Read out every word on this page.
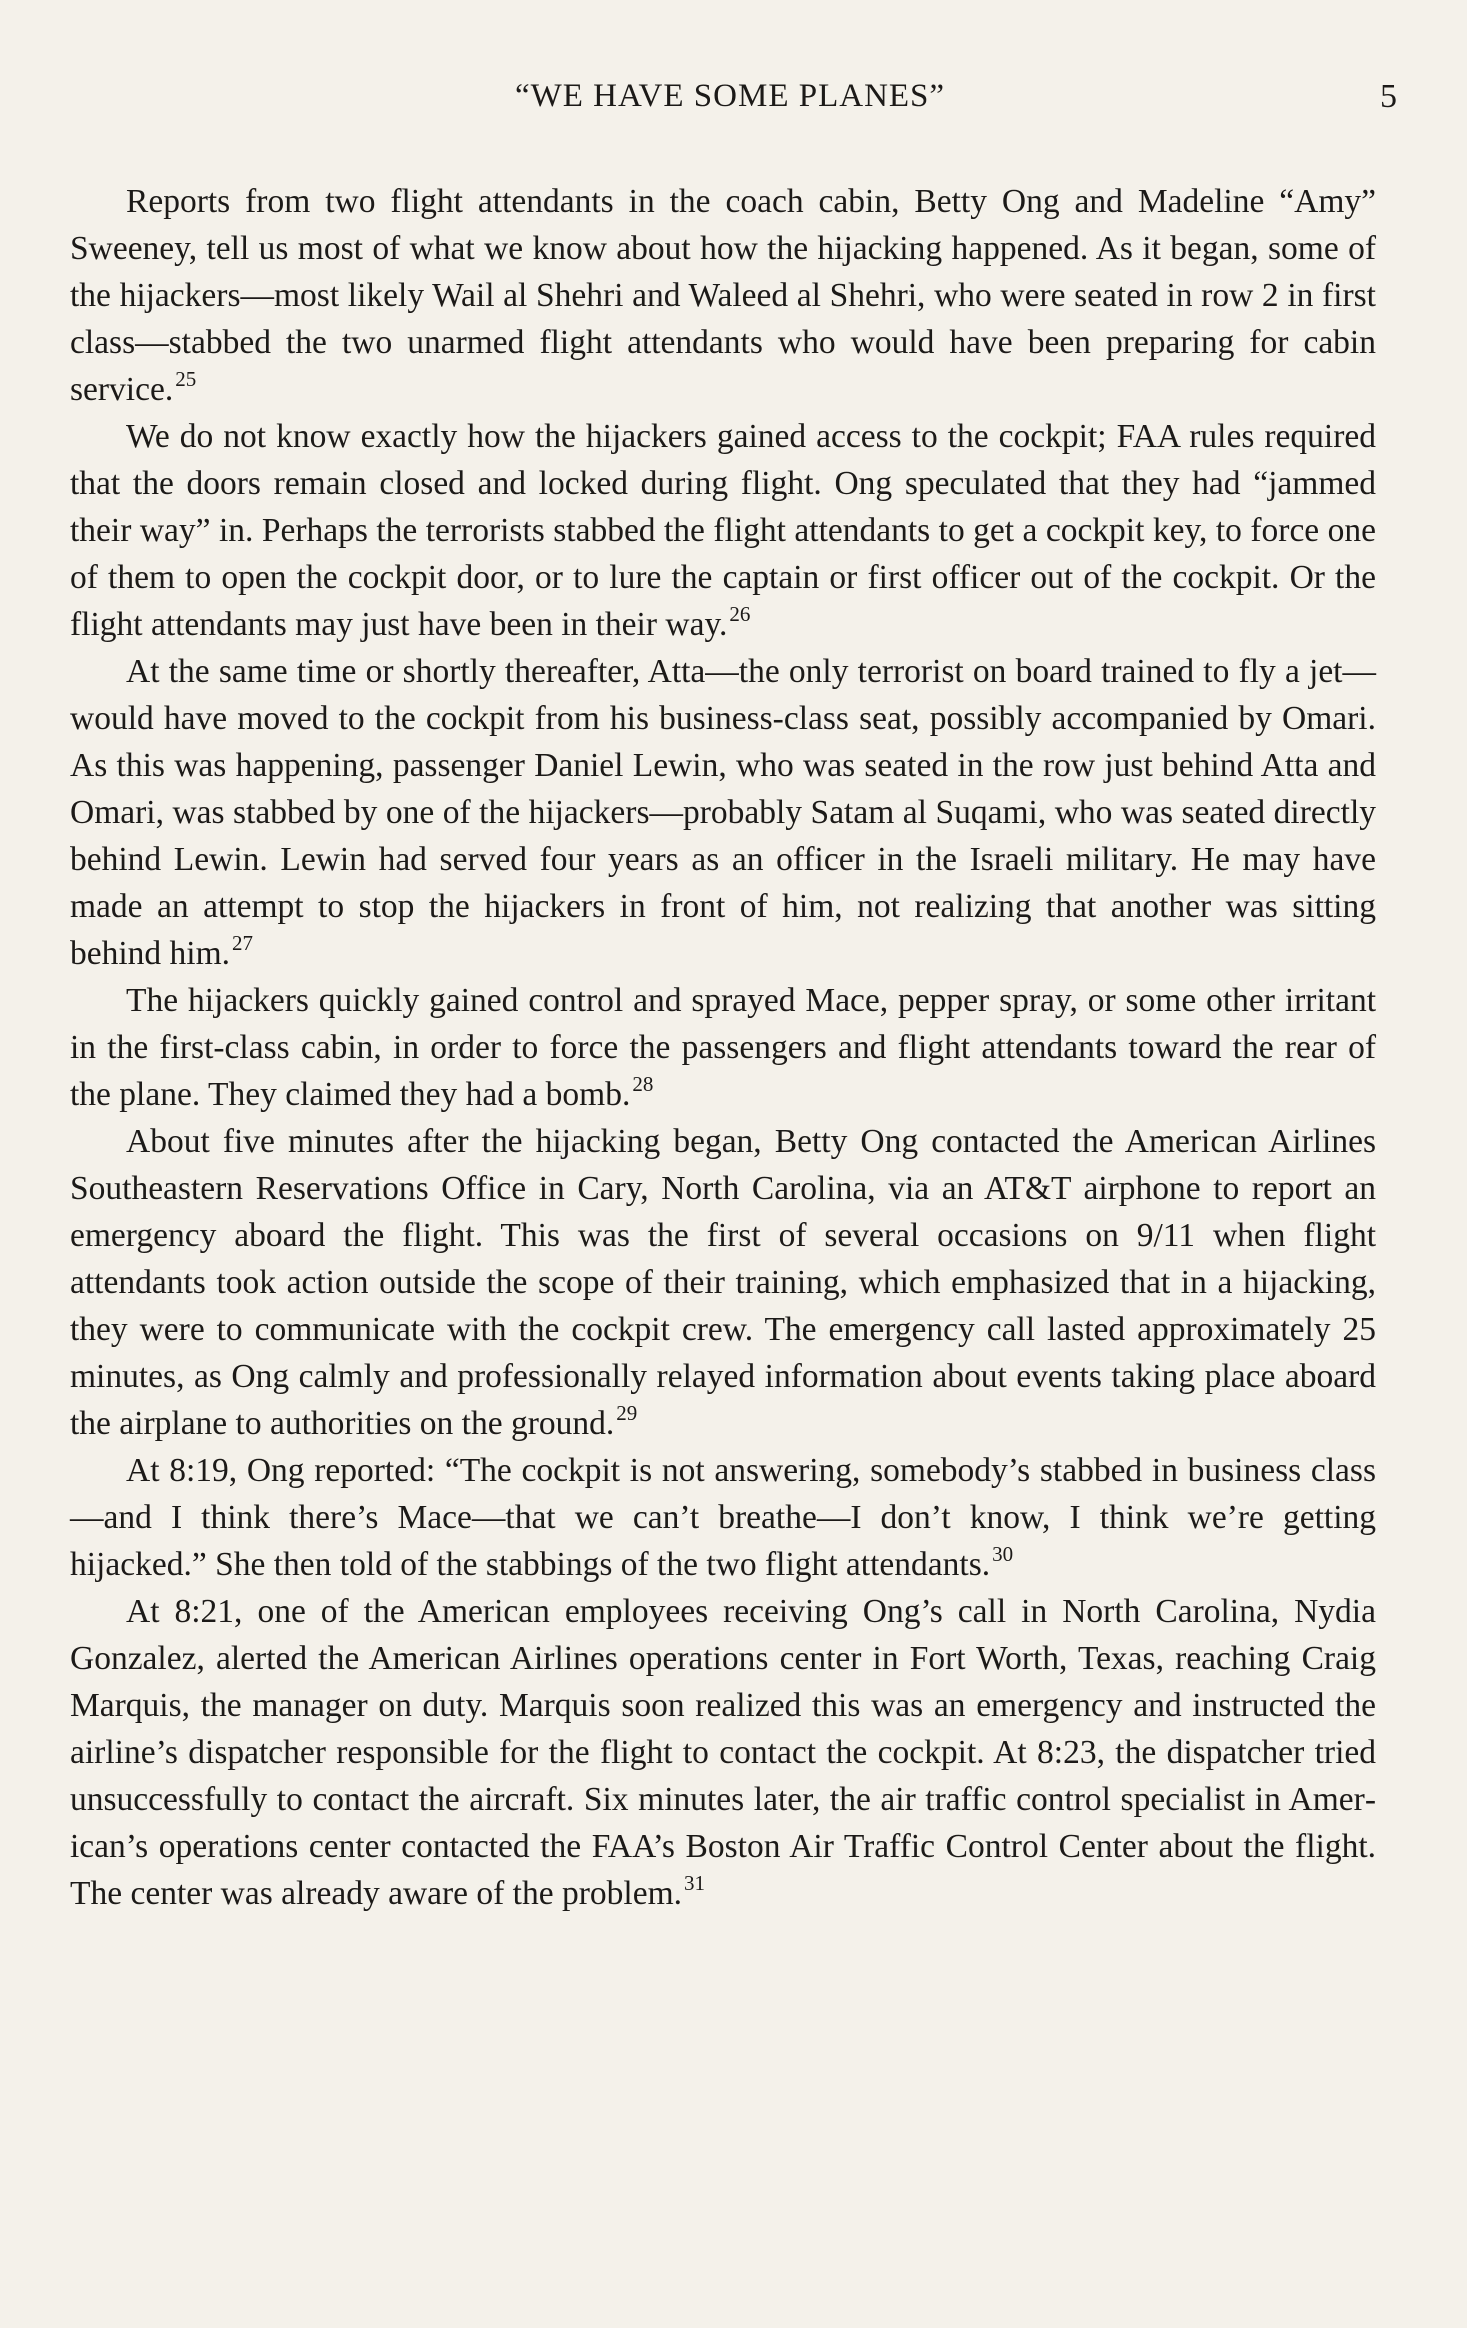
“WE HAVE SOME PLANES”	5

Reports from two flight attendants in the coach cabin, Betty Ong and Madeline “Amy” Sweeney, tell us most of what we know about how the hijacking happened. As it began, some of the hijackers—most likely Wail al Shehri and Waleed al Shehri, who were seated in row 2 in first class—stabbed the two unarmed flight attendants who would have been preparing for cabin service.$^{25}$

We do not know exactly how the hijackers gained access to the cockpit; FAA rules required that the doors remain closed and locked during flight. Ong speculated that they had “jammed their way” in. Perhaps the terrorists stabbed the flight attendants to get a cockpit key, to force one of them to open the cockpit door, or to lure the captain or first officer out of the cockpit. Or the flight attendants may just have been in their way.$^{26}$

At the same time or shortly thereafter, Atta—the only terrorist on board trained to fly a jet—would have moved to the cockpit from his business-class seat, possibly accompanied by Omari. As this was happening, passenger Daniel Lewin, who was seated in the row just behind Atta and Omari, was stabbed by one of the hijackers—probably Satam al Suqami, who was seated directly behind Lewin. Lewin had served four years as an officer in the Israeli military. He may have made an attempt to stop the hijackers in front of him, not realizing that another was sitting behind him.$^{27}$

The hijackers quickly gained control and sprayed Mace, pepper spray, or some other irritant in the first-class cabin, in order to force the passengers and flight attendants toward the rear of the plane. They claimed they had a bomb.$^{28}$

About five minutes after the hijacking began, Betty Ong contacted the American Airlines Southeastern Reservations Office in Cary, North Carolina, via an AT&T airphone to report an emergency aboard the flight. This was the first of several occasions on 9/11 when flight attendants took action outside the scope of their training, which emphasized that in a hijacking, they were to communicate with the cockpit crew. The emergency call lasted approximately 25 minutes, as Ong calmly and professionally relayed information about events taking place aboard the airplane to authorities on the ground.$^{29}$

At 8:19, Ong reported: “The cockpit is not answering, somebody’s stabbed in business class—and I think there’s Mace—that we can’t breathe—I don’t know, I think we’re getting hijacked.” She then told of the stabbings of the two flight attendants.$^{30}$

At 8:21, one of the American employees receiving Ong’s call in North Carolina, Nydia Gonzalez, alerted the American Airlines operations center in Fort Worth, Texas, reaching Craig Marquis, the manager on duty. Marquis soon realized this was an emergency and instructed the airline’s dispatcher responsible for the flight to contact the cockpit. At 8:23, the dispatcher tried unsuccessfully to contact the aircraft. Six minutes later, the air traffic control specialist in American’s operations center contacted the FAA’s Boston Air Traffic Control Center about the flight. The center was already aware of the problem.$^{31}$
